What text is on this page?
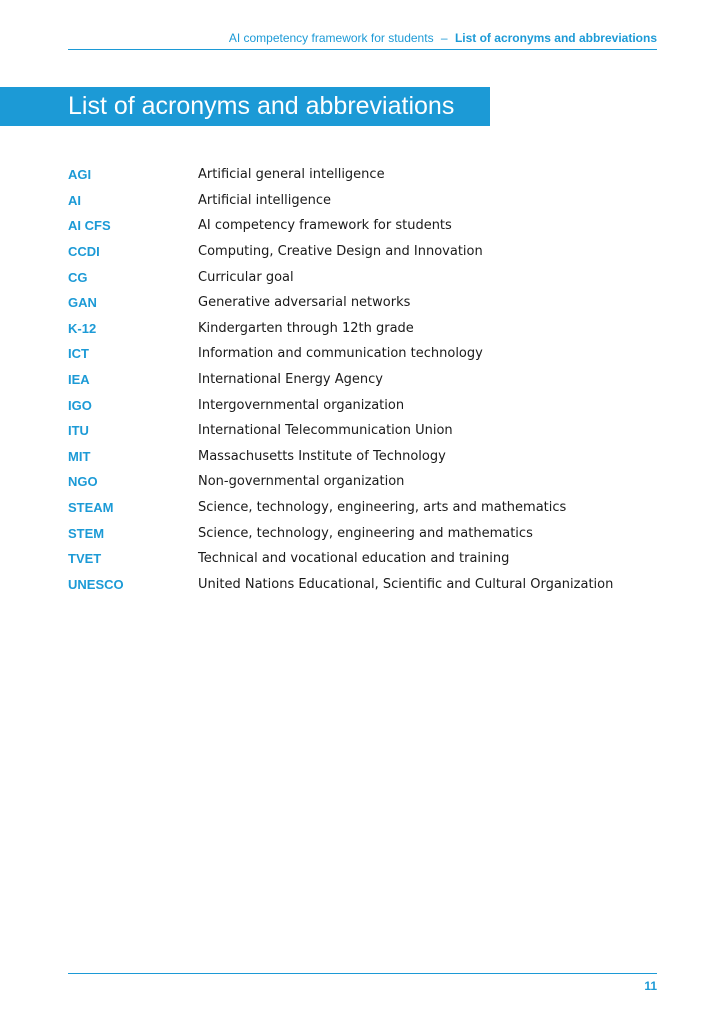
AI competency framework for students – List of acronyms and abbreviations
List of acronyms and abbreviations
AGI	Artificial general intelligence
AI	Artificial intelligence
AI CFS	AI competency framework for students
CCDI	Computing, Creative Design and Innovation
CG	Curricular goal
GAN	Generative adversarial networks
K-12	Kindergarten through 12th grade
ICT	Information and communication technology
IEA	International Energy Agency
IGO	Intergovernmental organization
ITU	International Telecommunication Union
MIT	Massachusetts Institute of Technology
NGO	Non-governmental organization
STEAM	Science, technology, engineering, arts and mathematics
STEM	Science, technology, engineering and mathematics
TVET	Technical and vocational education and training
UNESCO	United Nations Educational, Scientific and Cultural Organization
11
